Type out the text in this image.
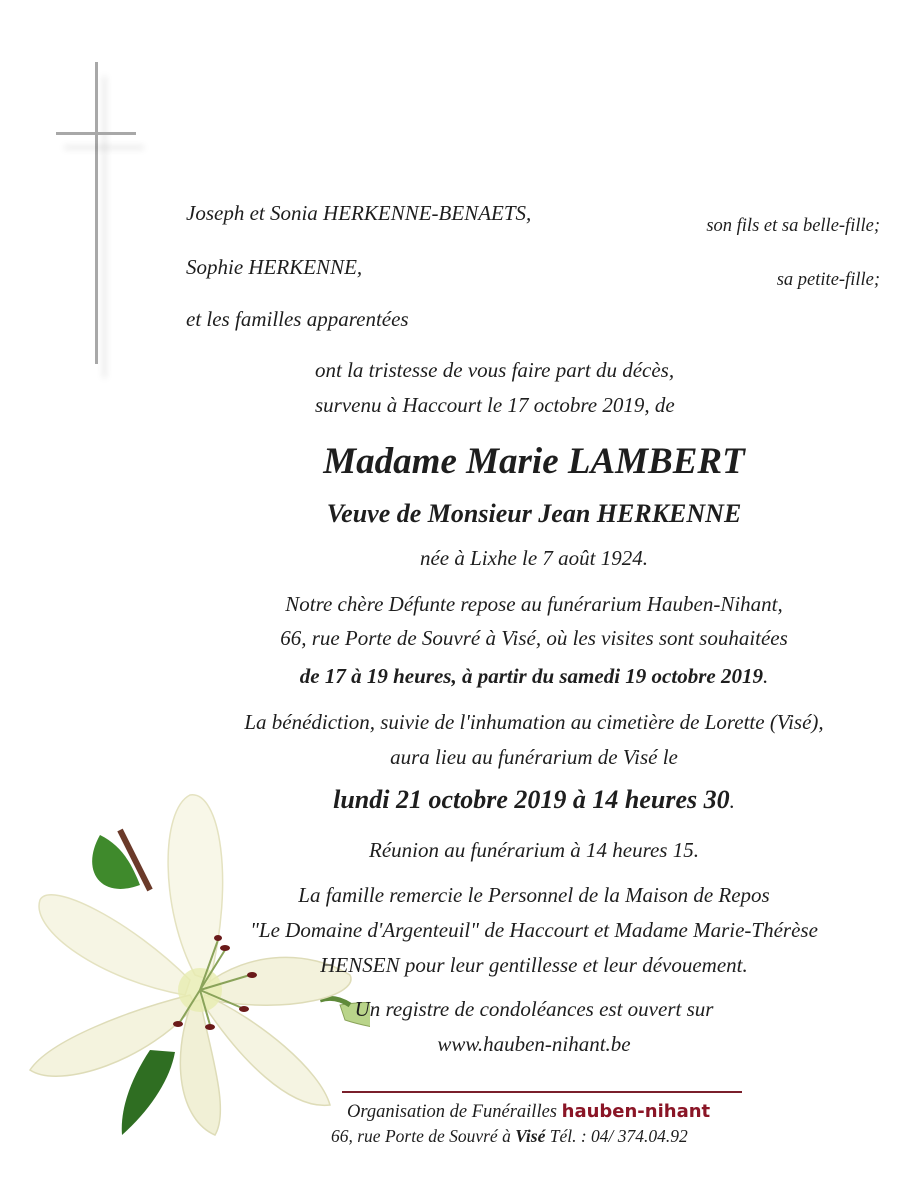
Joseph et Sonia HERKENNE-BENAETS,
son fils et sa belle-fille;
Sophie HERKENNE,
sa petite-fille;
et les familles apparentées
ont la tristesse de vous faire part du décès,
survenu à Haccourt le 17 octobre 2019, de
Madame Marie LAMBERT
Veuve de Monsieur Jean HERKENNE
née à Lixhe le 7 août 1924.
Notre chère Défunte repose au funérarium Hauben-Nihant,
66, rue Porte de Souvré à Visé, où les visites sont souhaitées
de 17 à 19 heures, à partir du samedi 19 octobre 2019.
La bénédiction, suivie de l'inhumation au cimetière de Lorette (Visé),
aura lieu au funérarium de Visé le
lundi 21 octobre 2019 à 14 heures 30.
Réunion au funérarium à 14 heures 15.
La famille remercie le Personnel de la Maison de Repos
"Le Domaine d'Argenteuil" de Haccourt et Madame Marie-Thérèse
HENSEN pour leur gentillesse et leur dévouement.
Un registre de condoléances est ouvert sur
www.hauben-nihant.be
Organisation de Funérailles hauben-nihant
66, rue Porte de Souvré à Visé Tél. : 04/ 374.04.92
